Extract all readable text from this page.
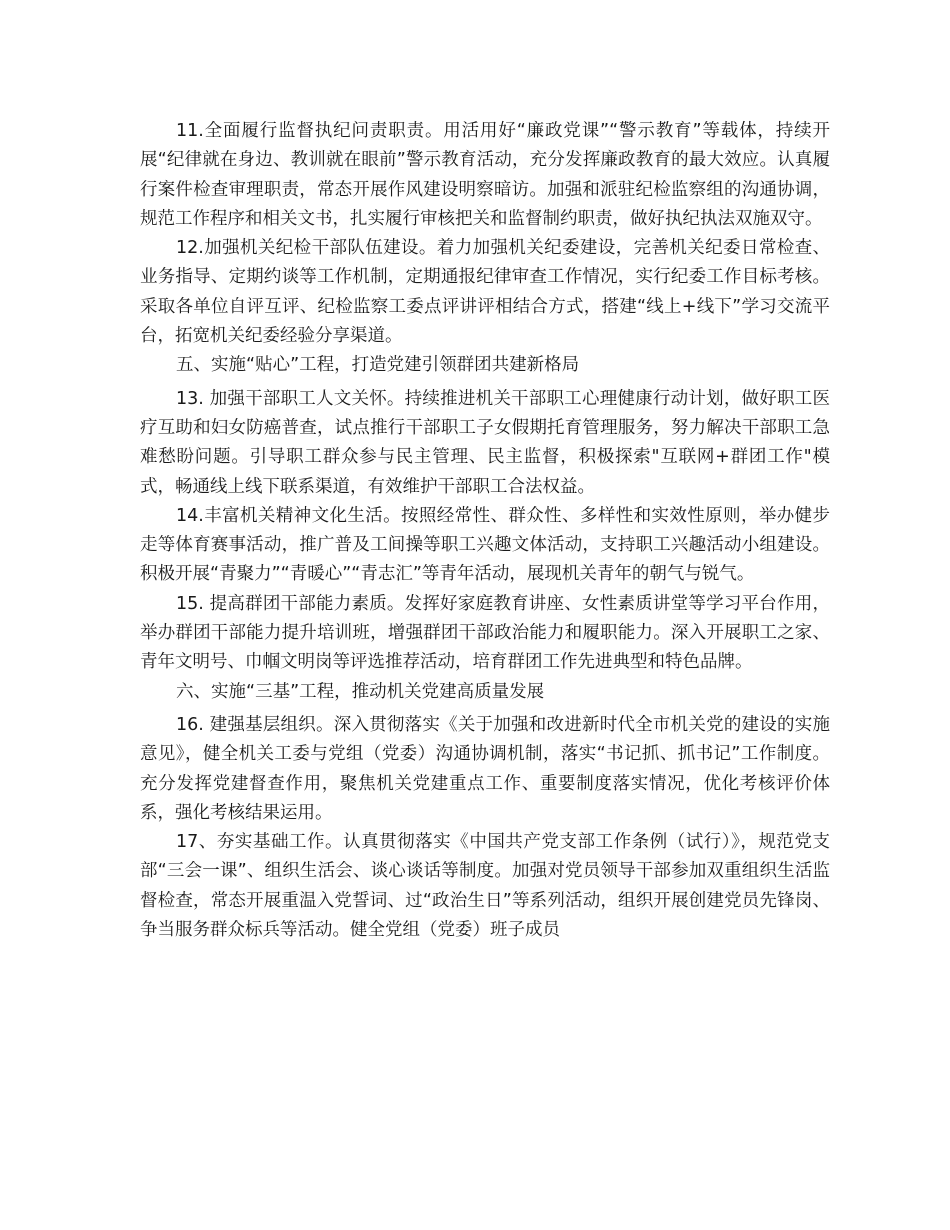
11.全面履行监督执纪问责职责。用活用好“廉政党课”“警示教育”等载体，持续开展“纪律就在身边、教训就在眼前”警示教育活动，充分发挥廉政教育的最大效应。认真履行案件检查审理职责，常态开展作风建设明察暗访。加强和派驻纪检监察组的沟通协调，规范工作程序和相关文书，扎实履行审核把关和监督制约职责，做好执纪执法双施双守。

12.加强机关纪检干部队伍建设。着力加强机关纪委建设，完善机关纪委日常检查、业务指导、定期约谈等工作机制，定期通报纪律审查工作情况，实行纪委工作目标考核。采取各单位自评互评、纪检监察工委点评讲评相结合方式，搭建“线上+线下”学习交流平台，拓宽机关纪委经验分享渠道。

五、实施“贴心”工程，打造党建引领群团共建新格局

13. 加强干部职工人文关怀。持续推进机关干部职工心理健康行动计划，做好职工医疗互助和妇女防癌普查，试点推行干部职工子女假期托育管理服务，努力解决干部职工急难愁盼问题。引导职工群众参与民主管理、民主监督，积极探索"互联网+群团工作"模式，畅通线上线下联系渠道，有效维护干部职工合法权益。

14.丰富机关精神文化生活。按照经常性、群众性、多样性和实效性原则，举办健步走等体育赛事活动，推广普及工间操等职工兴趣文体活动，支持职工兴趣活动小组建设。积极开展“青聚力”“青暖心”“青志汇”等青年活动，展现机关青年的朝气与锐气。

15. 提高群团干部能力素质。发挥好家庭教育讲座、女性素质讲堂等学习平台作用，举办群团干部能力提升培训班，增强群团干部政治能力和履职能力。深入开展职工之家、青年文明号、巾帼文明岗等评选推荐活动，培育群团工作先进典型和特色品牌。

六、实施“三基”工程，推动机关党建高质量发展

16. 建强基层组织。深入贯彻落实《关于加强和改进新时代全市机关党的建设的实施意见》，健全机关工委与党组（党委）沟通协调机制，落实“书记抓、抓书记”工作制度。充分发挥党建督查作用，聚焦机关党建重点工作、重要制度落实情况，优化考核评价体系，强化考核结果运用。

17、夯实基础工作。认真贯彻落实《中国共产党支部工作条例（试行）》，规范党支部“三会一课”、组织生活会、谈心谈话等制度。加强对党员领导干部参加双重组织生活监督检查，常态开展重温入党誓词、过“政治生日”等系列活动，组织开展创建党员先锋岗、争当服务群众标兵等活动。健全党组（党委）班子成员
